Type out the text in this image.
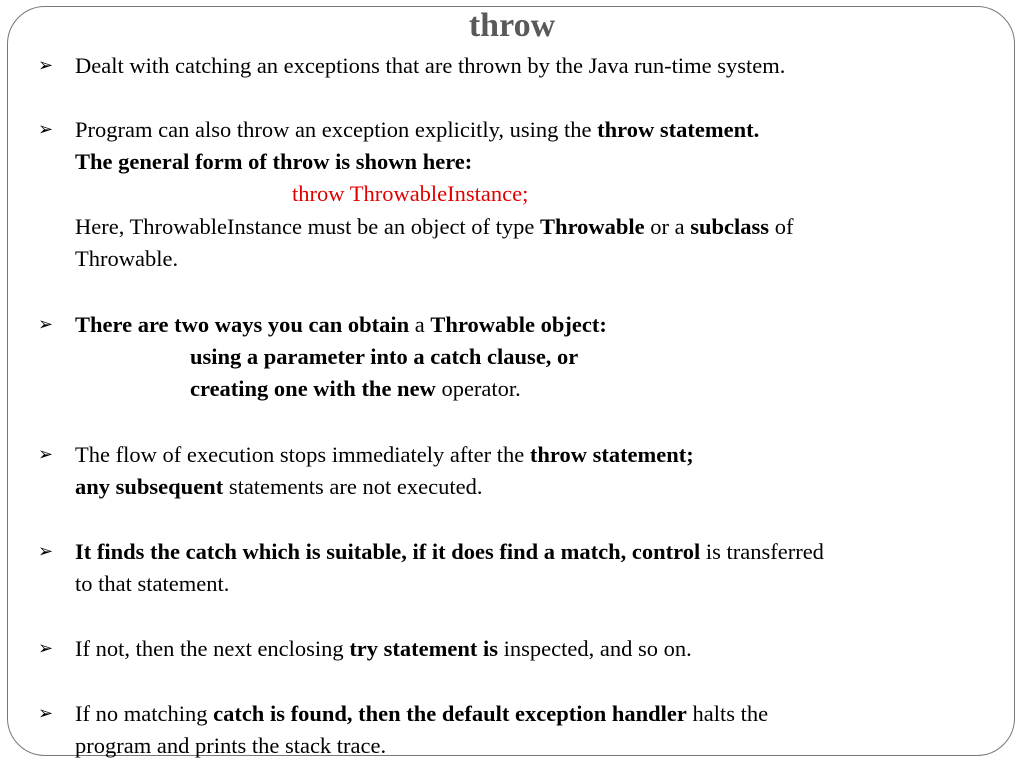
throw
➢ Dealt with catching an exceptions that are thrown by the Java run-time system.
➢ Program can also throw an exception explicitly, using the throw statement.
The general form of throw is shown here:
throw ThrowableInstance;
Here, ThrowableInstance must be an object of type Throwable or a subclass of
Throwable.
➢ There are two ways you can obtain a Throwable object:
using a parameter into a catch clause, or
creating one with the new operator.
➢ The flow of execution stops immediately after the throw statement;
any subsequent statements are not executed.
➢ It finds the catch which is suitable, if it does find a match, control is transferred
to that statement.
➢ If not, then the next enclosing try statement is inspected, and so on.
➢ If no matching catch is found, then the default exception handler halts the
program and prints the stack trace.
